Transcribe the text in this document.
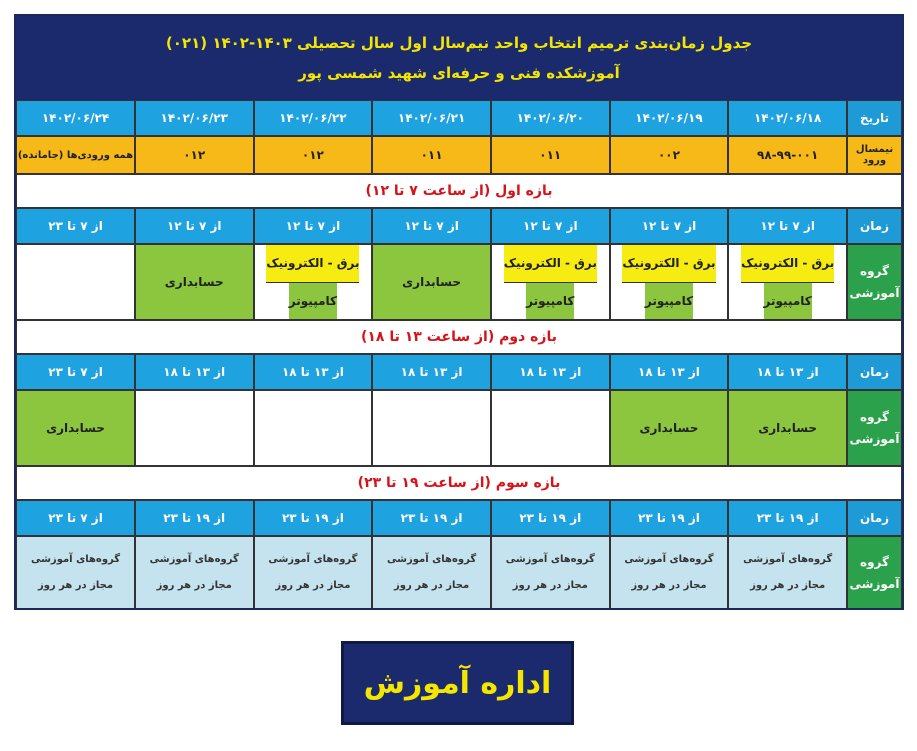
جدول زمان‌بندی ترمیم انتخاب واحد نیم‌سال اول سال تحصیلی ۱۴۰۳-۱۴۰۲ (۰۲۱)
آموزشکده فنی و حرفه‌ای شهید شمسی پور
تاریخ
۱۴۰۲/۰۶/۱۸
۱۴۰۲/۰۶/۱۹
۱۴۰۲/۰۶/۲۰
۱۴۰۲/۰۶/۲۱
۱۴۰۲/۰۶/۲۲
۱۴۰۲/۰۶/۲۳
۱۴۰۲/۰۶/۲۴
نیمسال ورود
۹۸-۹۹-۰۰۱
۰۰۲
۰۱۱
۰۱۱
۰۱۲
۰۱۲
همه ورودی‌ها (جامانده)
بازه اول (از ساعت ۷ تا ۱۲)
زمان
از ۷ تا ۱۲
از ۷ تا ۱۲
از ۷ تا ۱۲
از ۷ تا ۱۲
از ۷ تا ۱۲
از ۷ تا ۱۲
از ۷ تا ۲۳
گروه
آموزشی
برق - الکترونیک
کامپیوتر
برق - الکترونیک
کامپیوتر
برق - الکترونیک
کامپیوتر
حسابداری
برق - الکترونیک
کامپیوتر
حسابداری
بازه دوم (از ساعت ۱۳ تا ۱۸)
زمان
از ۱۳ تا ۱۸
از ۱۳ تا ۱۸
از ۱۳ تا ۱۸
از ۱۳ تا ۱۸
از ۱۳ تا ۱۸
از ۱۳ تا ۱۸
از ۷ تا ۲۳
گروه
آموزشی
حسابداری
حسابداری
حسابداری
بازه سوم (از ساعت ۱۹ تا ۲۳)
زمان
از ۱۹ تا ۲۳
از ۱۹ تا ۲۳
از ۱۹ تا ۲۳
از ۱۹ تا ۲۳
از ۱۹ تا ۲۳
از ۱۹ تا ۲۳
از ۷ تا ۲۳
گروه
آموزشی
گروه‌های آموزشی
مجاز در هر روز
گروه‌های آموزشی
مجاز در هر روز
گروه‌های آموزشی
مجاز در هر روز
گروه‌های آموزشی
مجاز در هر روز
گروه‌های آموزشی
مجاز در هر روز
گروه‌های آموزشی
مجاز در هر روز
گروه‌های آموزشی
مجاز در هر روز
اداره آموزش
